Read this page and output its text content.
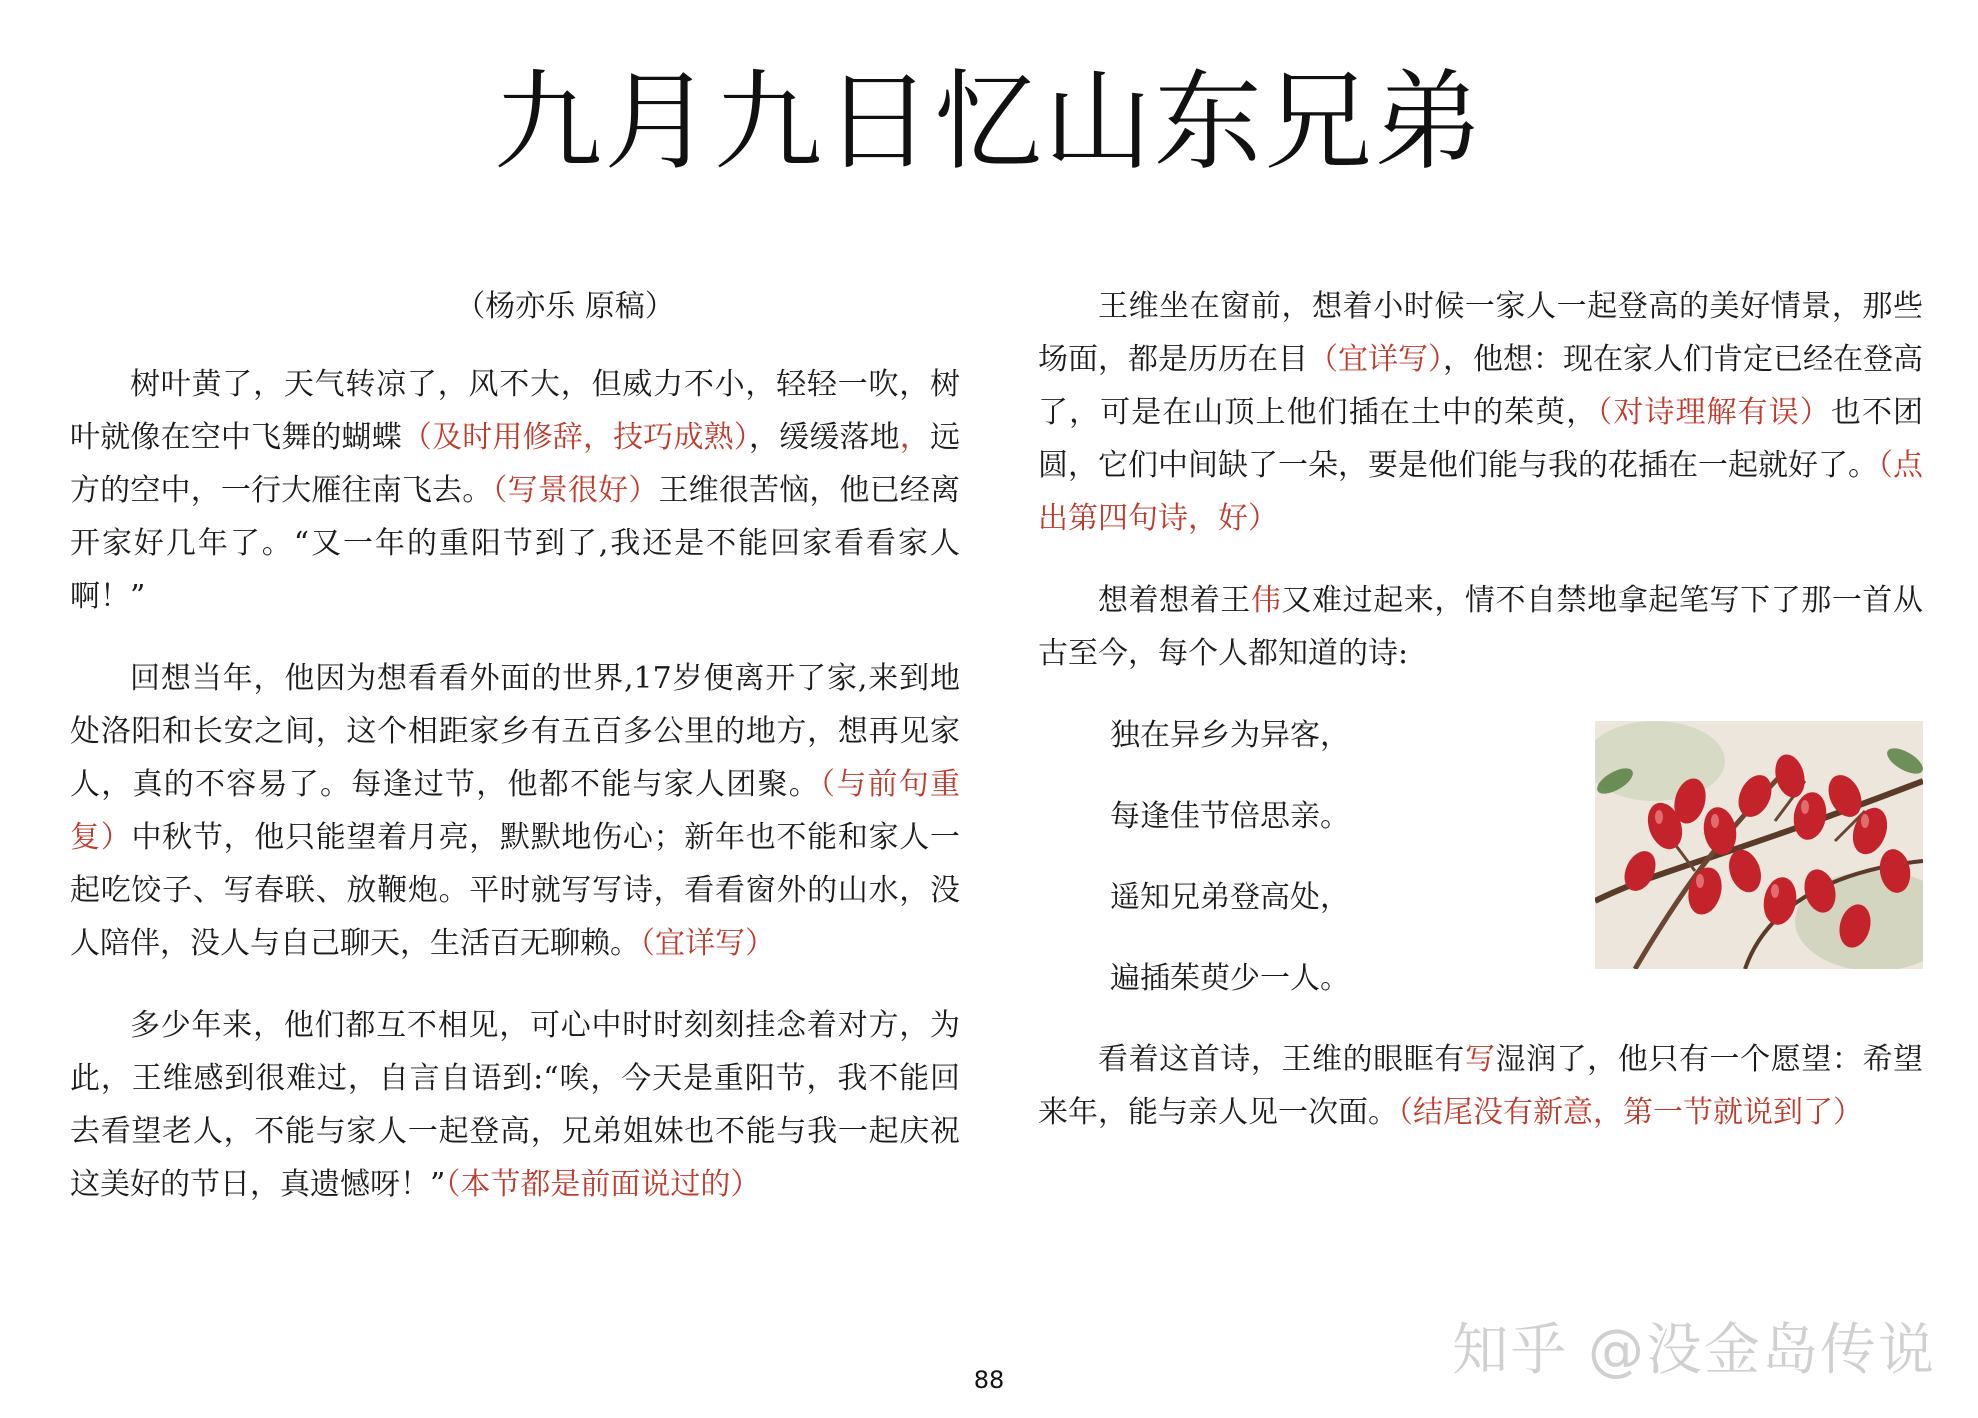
九月九日忆山东兄弟

（杨亦乐 原稿）

树叶黄了，天气转凉了，风不大，但威力不小，轻轻一吹，树叶就像在空中飞舞的蝴蝶（及时用修辞，技巧成熟），缓缓落地，远方的空中，一行大雁往南飞去。（写景很好）王维很苦恼，他已经离开家好几年了。“又一年的重阳节到了,我还是不能回家看看家人啊！”

回想当年，他因为想看看外面的世界,17岁便离开了家,来到地处洛阳和长安之间，这个相距家乡有五百多公里的地方，想再见家人，真的不容易了。每逢过节，他都不能与家人团聚。（与前句重复）中秋节，他只能望着月亮，默默地伤心；新年也不能和家人一起吃饺子、写春联、放鞭炮。平时就写写诗，看看窗外的山水，没人陪伴，没人与自己聊天，生活百无聊赖。（宜详写）

多少年来，他们都互不相见，可心中时时刻刻挂念着对方，为此，王维感到很难过，自言自语到:“唉，今天是重阳节，我不能回去看望老人，不能与家人一起登高，兄弟姐妹也不能与我一起庆祝这美好的节日，真遗憾呀！”（本节都是前面说过的）

王维坐在窗前，想着小时候一家人一起登高的美好情景，那些场面，都是历历在目（宜详写），他想：现在家人们肯定已经在登高了，可是在山顶上他们插在土中的茱萸，（对诗理解有误）也不团圆，它们中间缺了一朵，要是他们能与我的花插在一起就好了。（点出第四句诗，好）

想着想着王伟又难过起来，情不自禁地拿起笔写下了那一首从古至今，每个人都知道的诗:

独在异乡为异客，
每逢佳节倍思亲。
遥知兄弟登高处，
遍插茱萸少一人。

看着这首诗，王维的眼眶有写湿润了，他只有一个愿望：希望来年，能与亲人见一次面。（结尾没有新意，第一节就说到了）

88	知乎 @没金岛传说
